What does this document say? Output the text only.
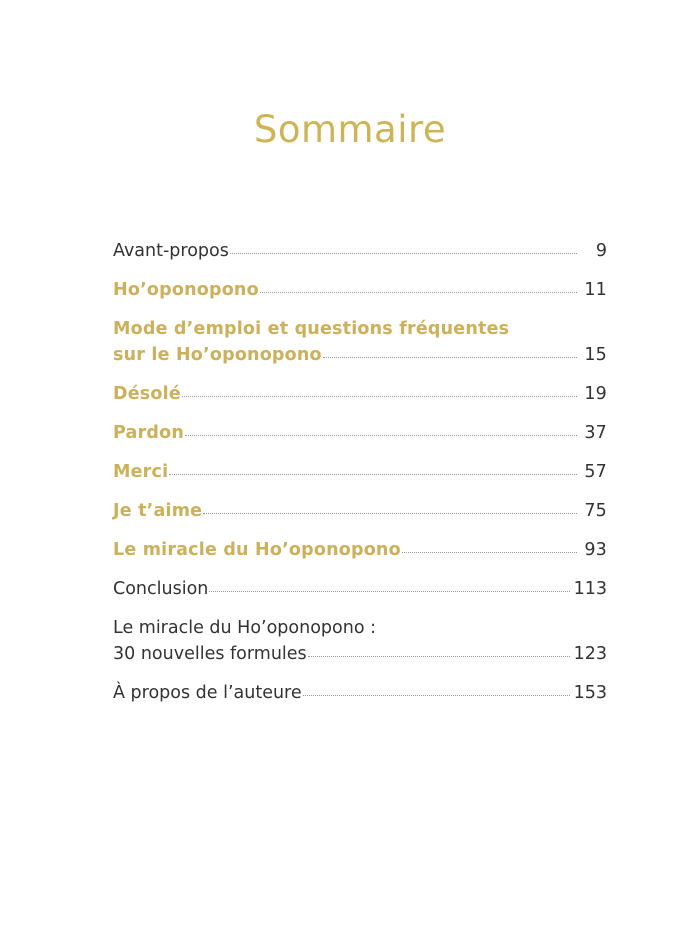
Sommaire
Avant-propos	9
Ho’oponopono	11
Mode d’emploi et questions fréquentes
sur le Ho’oponopono	15
Désolé	19
Pardon	37
Merci	57
Je t’aime	75
Le miracle du Ho’oponopono	93
Conclusion	113
Le miracle du Ho’oponopono :
30 nouvelles formules	123
À propos de l’auteure	153
